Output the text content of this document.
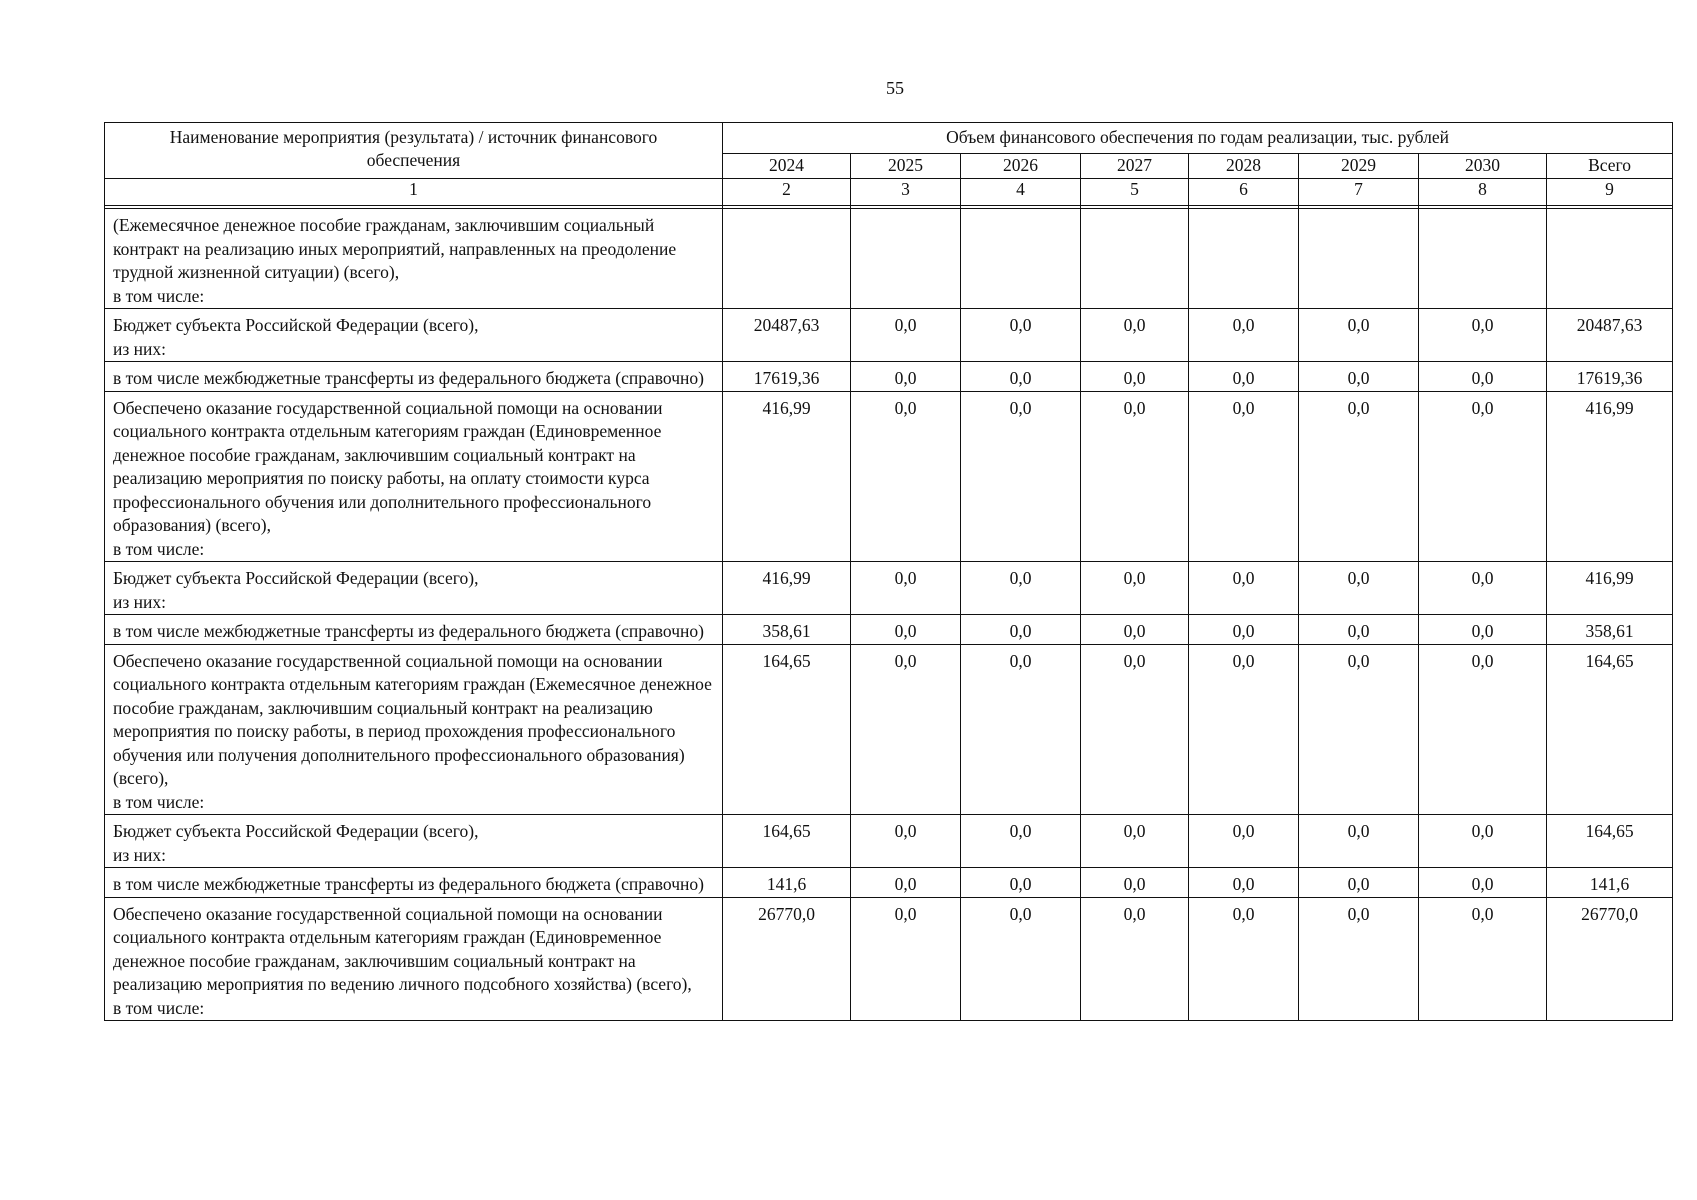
55
Наименование мероприятия (результата) / источник финансового обеспечения	Объем финансового обеспечения по годам реализации, тыс. рублей							
	2024	2025	2026	2027	2028	2029	2030	Всего
1	2	3	4	5	6	7	8	9

(Ежемесячное денежное пособие гражданам, заключившим социальный контракт на реализацию иных мероприятий, направленных на преодоление трудной жизненной ситуации) (всего),
в том числе:								
Бюджет субъекта Российской Федерации (всего),
из них:	20487,63	0,0	0,0	0,0	0,0	0,0	0,0	20487,63
в том числе межбюджетные трансферты из федерального бюджета (справочно)	17619,36	0,0	0,0	0,0	0,0	0,0	0,0	17619,36
Обеспечено оказание государственной социальной помощи на основании социального контракта отдельным категориям граждан (Единовременное денежное пособие гражданам, заключившим социальный контракт на реализацию мероприятия по поиску работы, на оплату стоимости курса профессионального обучения или дополнительного профессионального образования) (всего),
в том числе:	416,99	0,0	0,0	0,0	0,0	0,0	0,0	416,99
Бюджет субъекта Российской Федерации (всего),
из них:	416,99	0,0	0,0	0,0	0,0	0,0	0,0	416,99
в том числе межбюджетные трансферты из федерального бюджета (справочно)	358,61	0,0	0,0	0,0	0,0	0,0	0,0	358,61
Обеспечено оказание государственной социальной помощи на основании социального контракта отдельным категориям граждан (Ежемесячное денежное пособие гражданам, заключившим социальный контракт на реализацию мероприятия по поиску работы, в период прохождения профессионального обучения или получения дополнительного профессионального образования) (всего),
в том числе:	164,65	0,0	0,0	0,0	0,0	0,0	0,0	164,65
Бюджет субъекта Российской Федерации (всего),
из них:	164,65	0,0	0,0	0,0	0,0	0,0	0,0	164,65
в том числе межбюджетные трансферты из федерального бюджета (справочно)	141,6	0,0	0,0	0,0	0,0	0,0	0,0	141,6
Обеспечено оказание государственной социальной помощи на основании социального контракта отдельным категориям граждан (Единовременное денежное пособие гражданам, заключившим социальный контракт на реализацию мероприятия по ведению личного подсобного хозяйства) (всего),
в том числе:	26770,0	0,0	0,0	0,0	0,0	0,0	0,0	26770,0
